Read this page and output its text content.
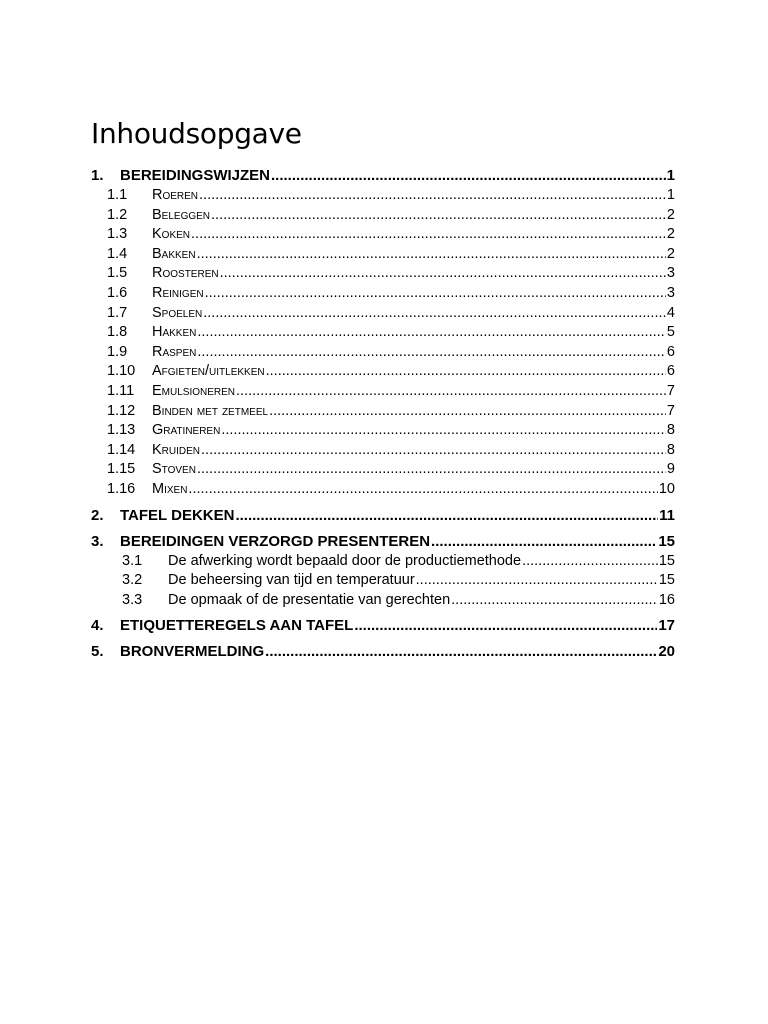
Inhoudsopgave
1.	BEREIDINGSWIJZEN .....	1
1.1	Roeren .....	1
1.2	Beleggen .....	2
1.3	Koken .....	2
1.4	Bakken .....	2
1.5	Roosteren .....	3
1.6	Reinigen .....	3
1.7	Spoelen .....	4
1.8	Hakken .....	5
1.9	Raspen .....	6
1.10	Afgieten/uitlekken .....	6
1.11	Emulsioneren .....	7
1.12	Binden met zetmeel .....	7
1.13	Gratineren .....	8
1.14	Kruiden .....	8
1.15	Stoven .....	9
1.16	Mixen .....	10
2.	TAFEL DEKKEN .....	11
3.	BEREIDINGEN VERZORGD PRESENTEREN .....	15
3.1	De afwerking wordt bepaald door de productiemethode .....	15
3.2	De beheersing van tijd en temperatuur .....	15
3.3	De opmaak of de presentatie van gerechten .....	16
4.	ETIQUETTEREGELS AAN TAFEL .....	17
5.	BRONVERMELDING .....	20
